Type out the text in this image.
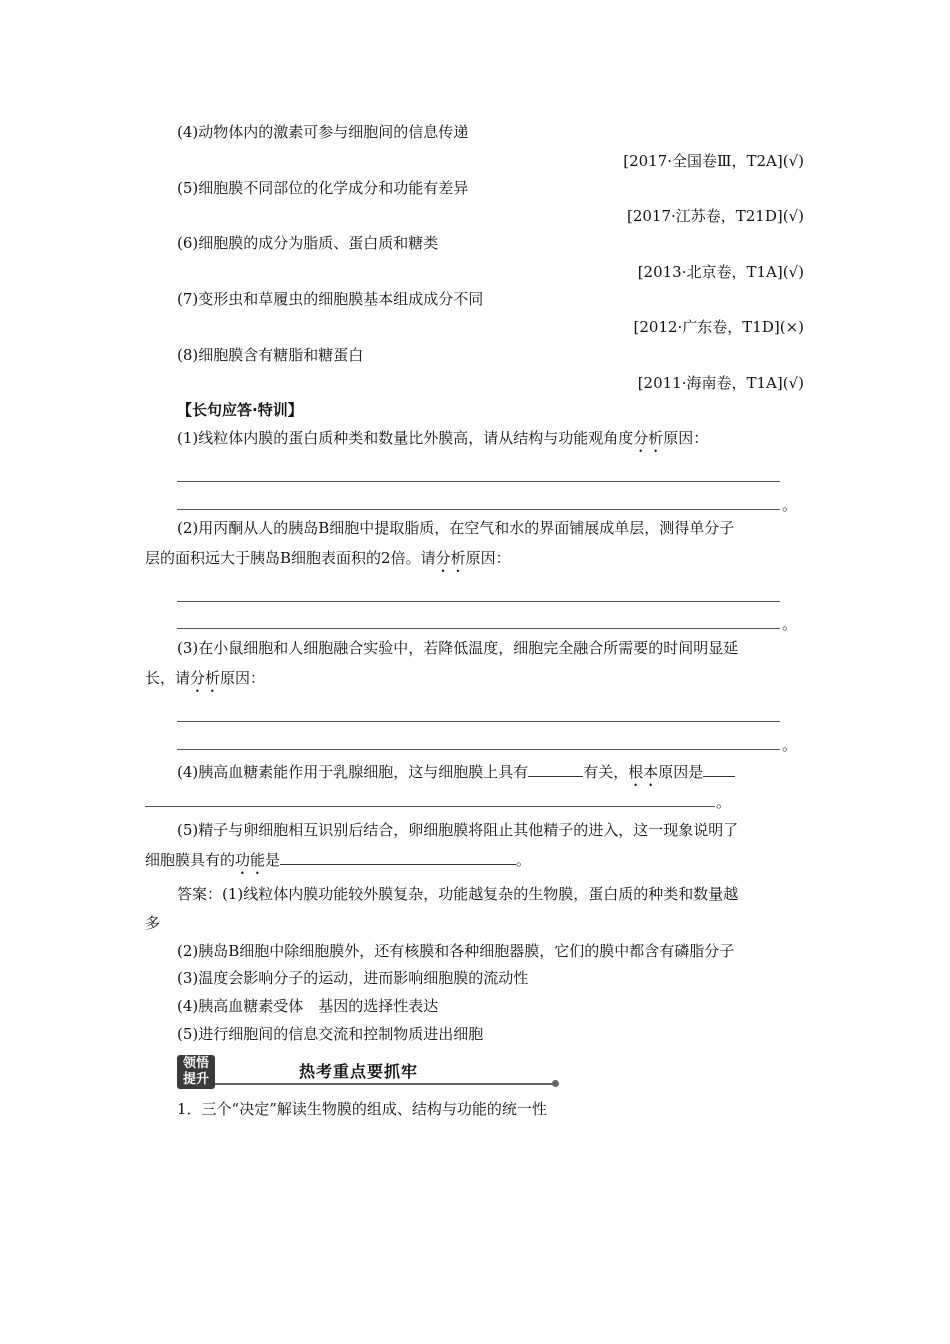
(4)动物体内的激素可参与细胞间的信息传递
[2017·全国卷Ⅲ，T2A](√)
(5)细胞膜不同部位的化学成分和功能有差异
[2017·江苏卷，T21D](√)
(6)细胞膜的成分为脂质、蛋白质和糖类
[2013·北京卷，T1A](√)
(7)变形虫和草履虫的细胞膜基本组成成分不同
[2012·广东卷，T1D](×)
(8)细胞膜含有糖脂和糖蛋白
[2011·海南卷，T1A](√)
【长句应答·特训】
(1)线粒体内膜的蛋白质种类和数量比外膜高，请从结构与功能观角度分析原因：
。
(2)用丙酮从人的胰岛B细胞中提取脂质，在空气和水的界面铺展成单层，测得单分子
层的面积远大于胰岛B细胞表面积的2倍。请分析原因：
。
(3)在小鼠细胞和人细胞融合实验中，若降低温度，细胞完全融合所需要的时间明显延
长，请分析原因：
。
(4)胰高血糖素能作用于乳腺细胞，这与细胞膜上具有	有关，根本原因是
。
(5)精子与卵细胞相互识别后结合，卵细胞膜将阻止其他精子的进入，这一现象说明了
细胞膜具有的功能是	。
答案：(1)线粒体内膜功能较外膜复杂，功能越复杂的生物膜，蛋白质的种类和数量越
多
(2)胰岛B细胞中除细胞膜外，还有核膜和各种细胞器膜，它们的膜中都含有磷脂分子
(3)温度会影响分子的运动，进而影响细胞膜的流动性
(4)胰高血糖素受体　基因的选择性表达
(5)进行细胞间的信息交流和控制物质进出细胞
领悟
提升	热考重点要抓牢
1．三个“决定”解读生物膜的组成、结构与功能的统一性
